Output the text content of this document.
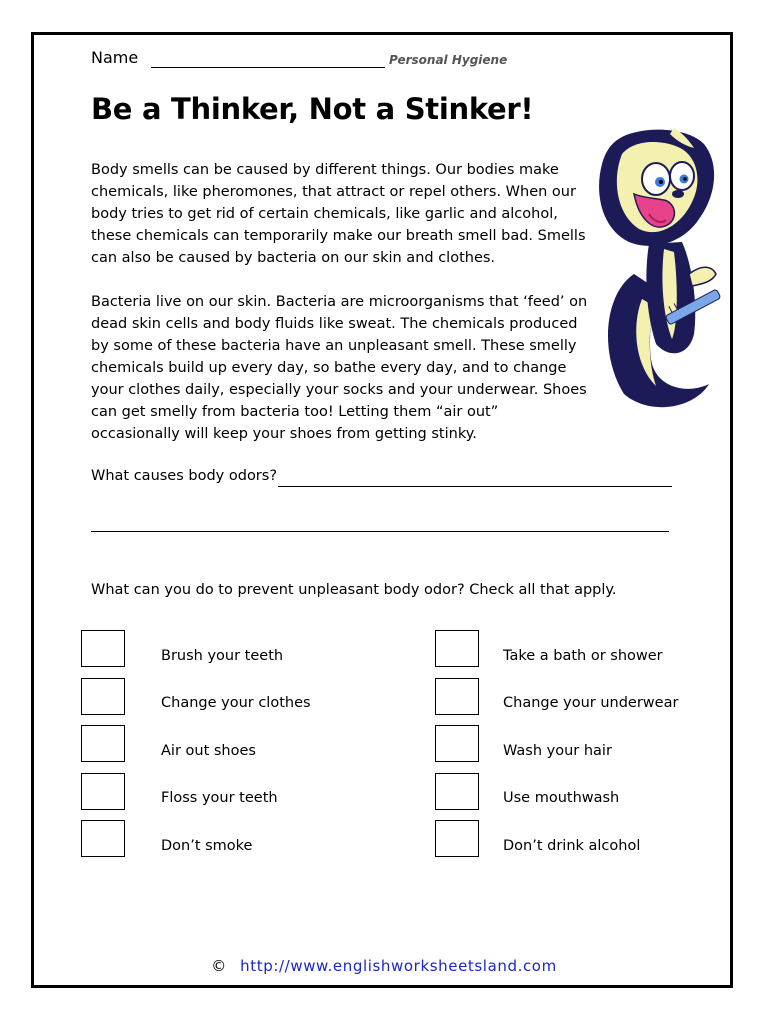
Name	Personal Hygiene
Be a Thinker, Not a Stinker!
Body smells can be caused by different things. Our bodies make chemicals, like pheromones, that attract or repel others. When our body tries to get rid of certain chemicals, like garlic and alcohol, these chemicals can temporarily make our breath smell bad. Smells can also be caused by bacteria on our skin and clothes.
Bacteria live on our skin. Bacteria are microorganisms that ‘feed’ on dead skin cells and body fluids like sweat. The chemicals produced by some of these bacteria have an unpleasant smell. These smelly chemicals build up every day, so bathe every day, and to change your clothes daily, especially your socks and your underwear. Shoes can get smelly from bacteria too! Letting them “air out” occasionally will keep your shoes from getting stinky.
What causes body odors?
What can you do to prevent unpleasant body odor? Check all that apply.
Brush your teeth
Change your clothes
Air out shoes
Floss your teeth
Don’t smoke
Take a bath or shower
Change your underwear
Wash your hair
Use mouthwash
Don’t drink alcohol
© http://www.englishworksheetsland.com
